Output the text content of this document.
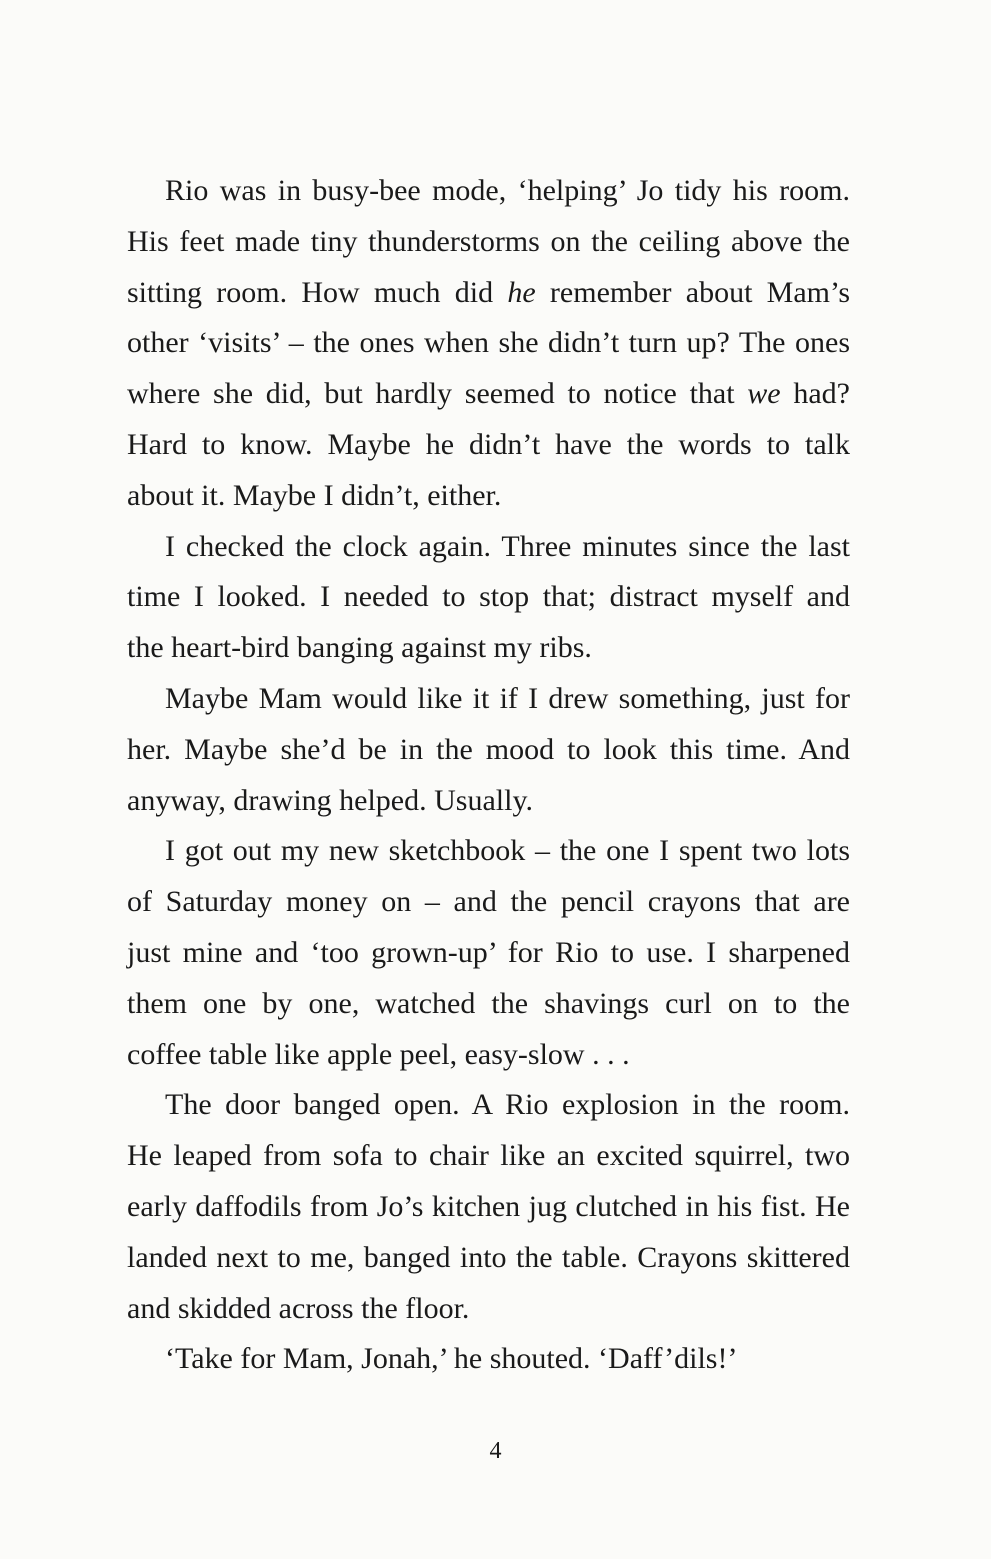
Rio was in busy-bee mode, ‘helping’ Jo tidy his room.
His feet made tiny thunderstorms on the ceiling above the
sitting room. How much did he remember about Mam’s
other ‘visits’ – the ones when she didn’t turn up? The ones
where she did, but hardly seemed to notice that we had?
Hard to know. Maybe he didn’t have the words to talk
about it. Maybe I didn’t, either.
I checked the clock again. Three minutes since the last
time I looked. I needed to stop that; distract myself and
the heart-bird banging against my ribs.
Maybe Mam would like it if I drew something, just for
her. Maybe she’d be in the mood to look this time. And
anyway, drawing helped. Usually.
I got out my new sketchbook – the one I spent two lots
of Saturday money on – and the pencil crayons that are
just mine and ‘too grown-up’ for Rio to use. I sharpened
them one by one, watched the shavings curl on to the
coffee table like apple peel, easy-slow . . .
The door banged open. A Rio explosion in the room.
He leaped from sofa to chair like an excited squirrel, two
early daffodils from Jo’s kitchen jug clutched in his fist. He
landed next to me, banged into the table. Crayons skittered
and skidded across the floor.
‘Take for Mam, Jonah,’ he shouted. ‘Daff’dils!’
4
